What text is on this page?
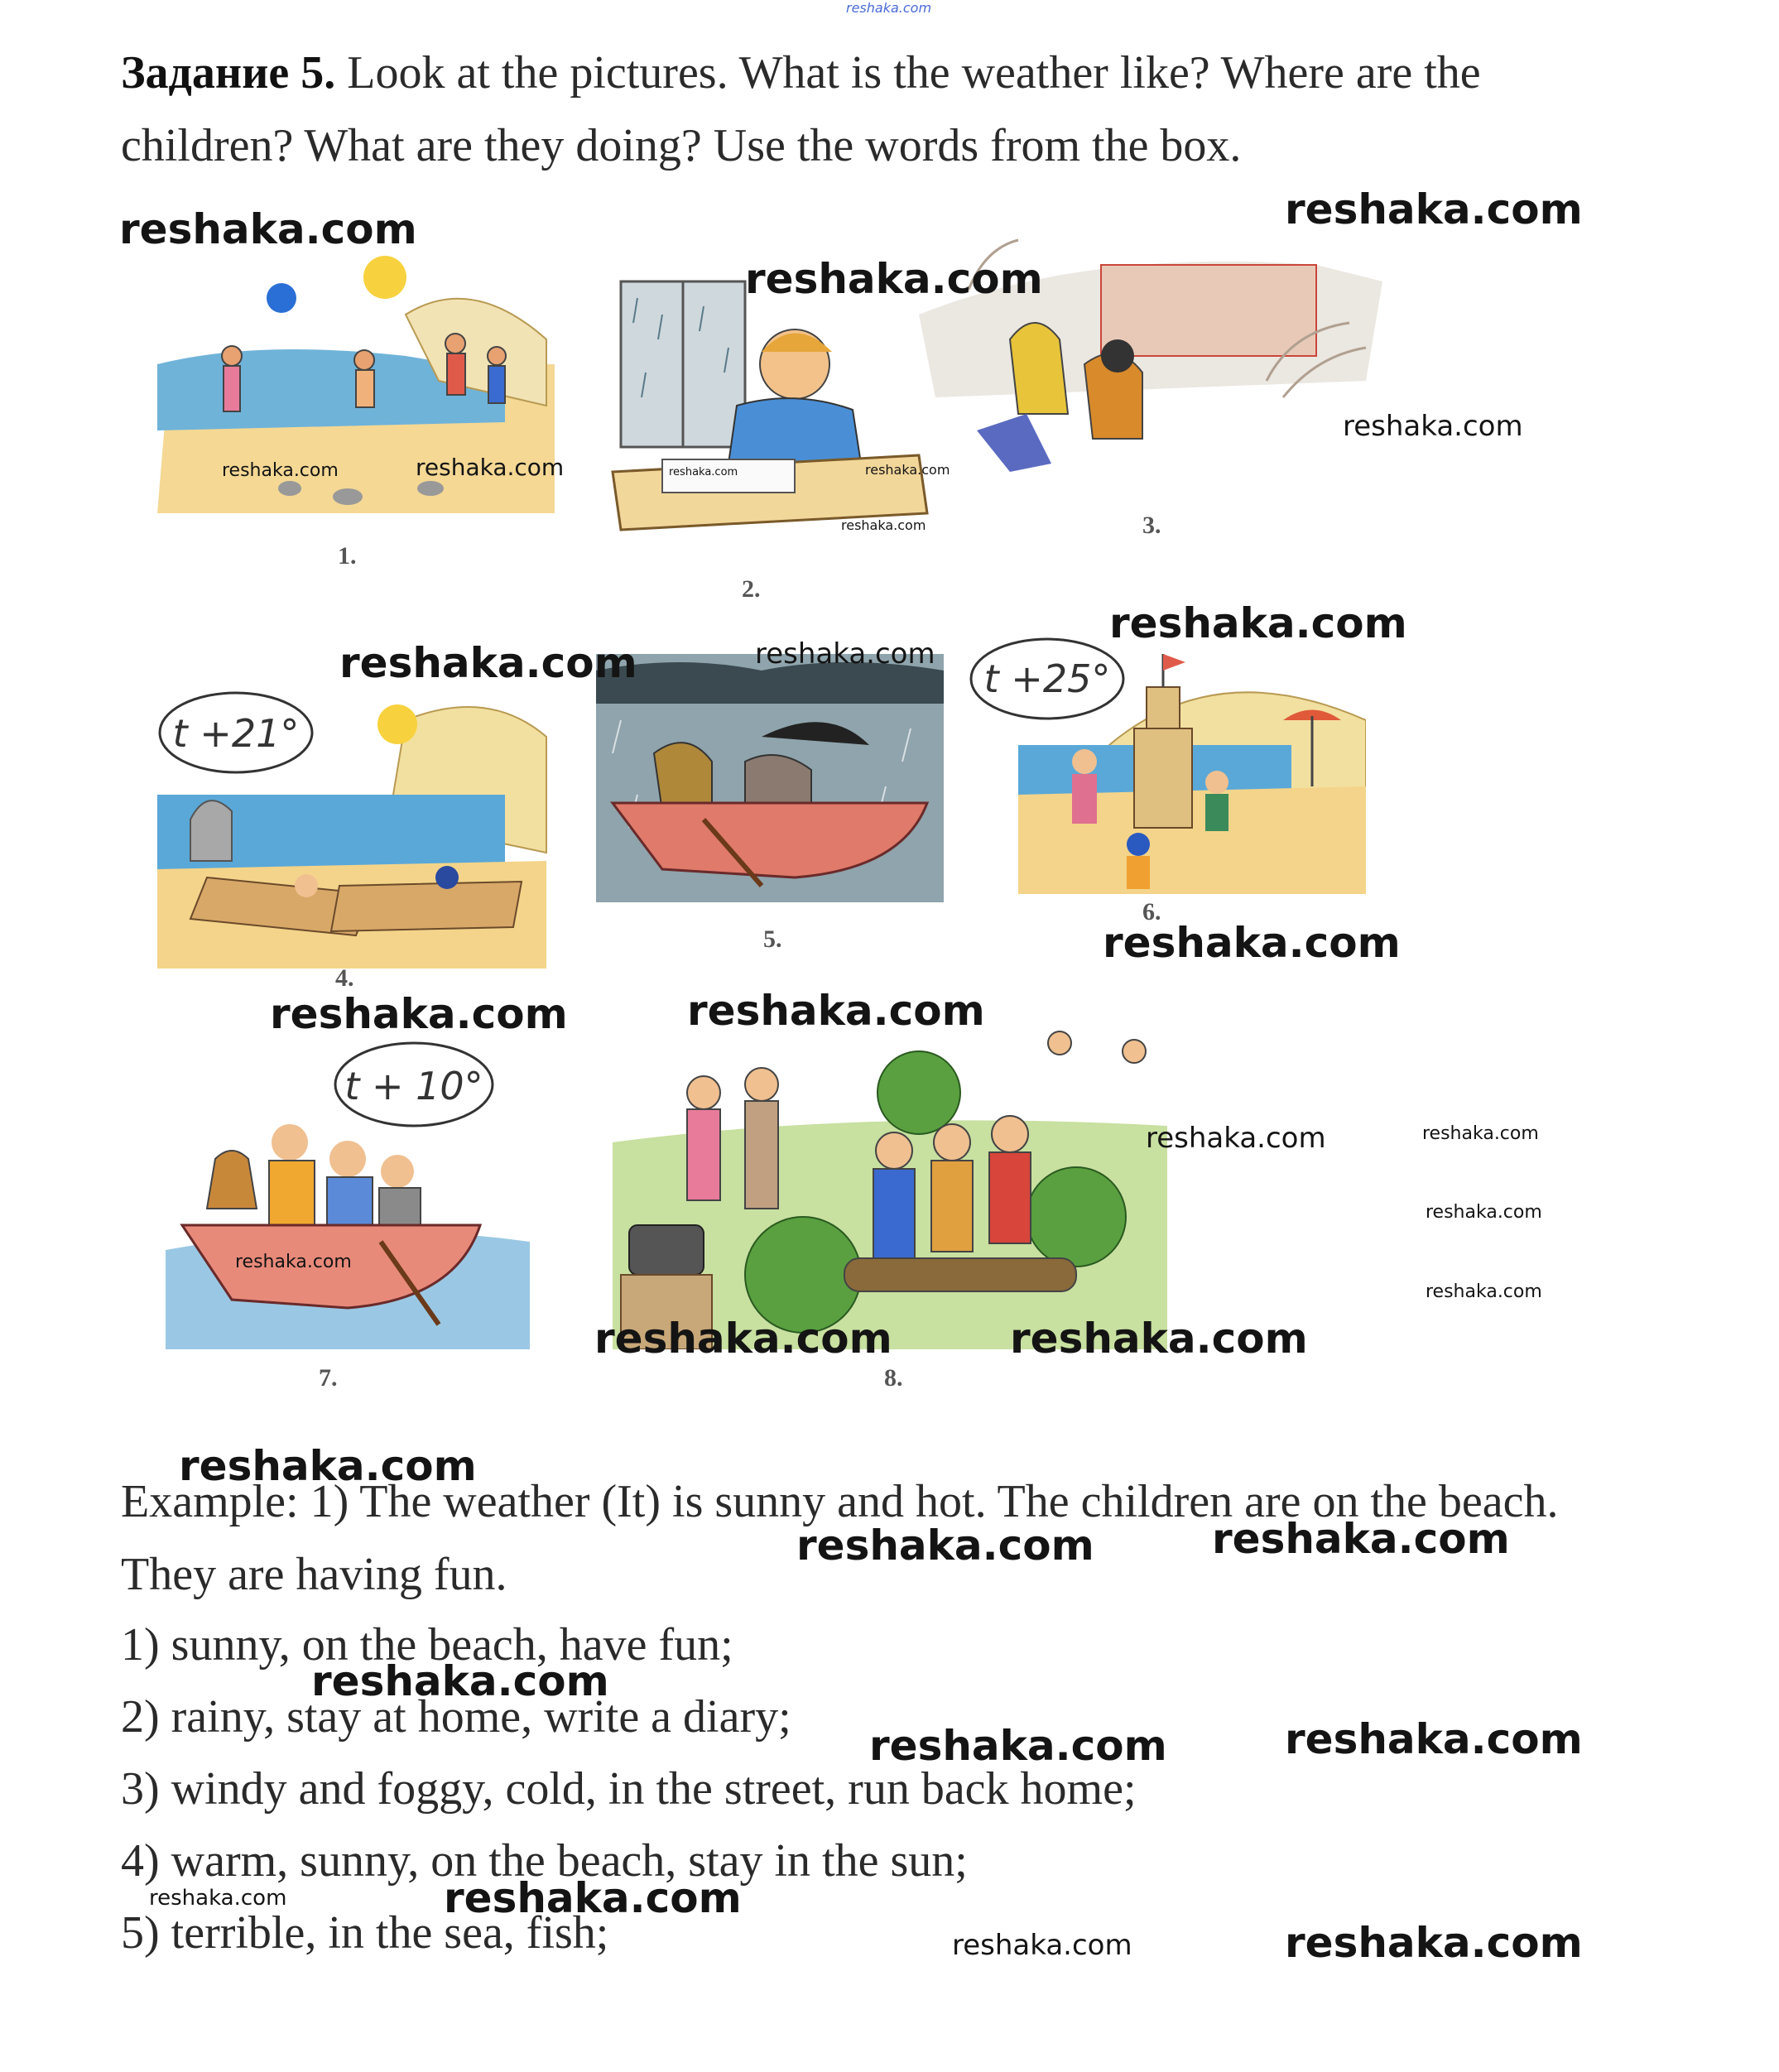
reshaka.com
Задание 5. Look at the pictures. What is the weather like? Where are the children? What are they doing? Use the words from the box.
1.
2.
3.
t +21°
4.
5.
t +25°
6.
t + 10°
7.	8.
Example: 1) The weather (It) is sunny and hot. The children are on the beach. They are having fun.
1) sunny, on the beach, have fun;
2) rainy, stay at home, write a diary;
3) windy and foggy, cold, in the street, run back home;
4) warm, sunny, on the beach, stay in the sun;
5) terrible, in the sea, fish;
reshaka.com
reshaka.com
reshaka.com
reshaka.com
reshaka.com	reshaka.com	reshaka.com	reshaka.com
reshaka.com
reshaka.com	reshaka.com
reshaka.com
reshaka.com
reshaka.com	reshaka.com
reshaka.com	reshaka.com
reshaka.com
reshaka.com
reshaka.com
reshaka.com	reshaka.com
reshaka.com
reshaka.com	reshaka.com
reshaka.com
reshaka.com	reshaka.com
reshaka.com	reshaka.com
reshaka.com	reshaka.com
